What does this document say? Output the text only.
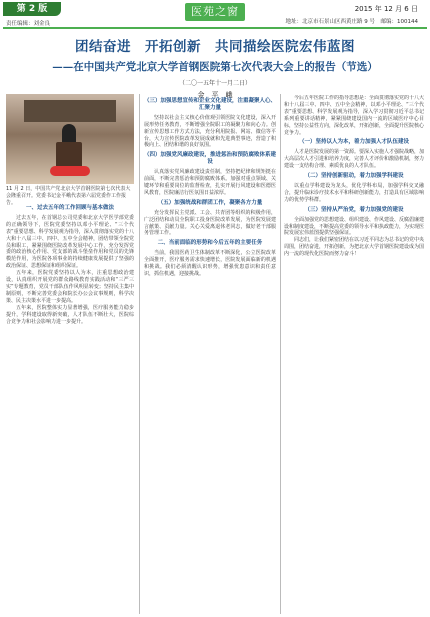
第 2 版
责任编辑：刘金良
医苑之窗	2015 年 12 月 6 日
地址：北京市石景山区西黄庄路 9 号　邮编：100144
团结奋进　开拓创新　共同描绘医院宏伟蓝图
——在中国共产党北京大学首钢医院第七次代表大会上的报告（节选）
（二〇一五年十一月二日）
金　平　峨
11 月 2 日，中国共产党北京大学首钢医院第七次代表大会隆重召开。党委书记金平峨代表第六届党委作工作报告。
一、过去五年的工作回顾与基本做法

过去五年，在首钢总公司党委和北京大学医学部党委的正确领导下，医院党委坚持以邓小平理论、“三个代表”重要思想、科学发展观为指导，深入贯彻落实党的十八大和十八届三中、四中、五中全会精神，团结带领全院党员和职工，紧紧围绕医院改革发展中心工作，充分发挥党委的政治核心作用、党支部的战斗堡垒作用和党员的先锋模范作用，为医院各项事业的持续健康发展提供了坚强的政治保证、思想保证和组织保证。

五年来，医院党委坚持以人为本，注重思想政治建设，认真组织开展党的群众路线教育实践活动和“三严三实”专题教育，党员干部队伍作风明显转变；坚持民主集中制原则，不断完善党委会和院长办公会议事规则，科学决策、民主决策水平进一步提高。

五年来，医院整体实力显著增强，医疗服务能力稳步提升，学科建设取得新突破，人才队伍不断壮大，医院综合竞争力和社会影响力进一步提升。

（三）加强思想宣传和企业文化建设，注重凝聚人心、汇聚力量

坚持以社会主义核心价值观引领医院文化建设，深入开展形势任务教育，不断增强全院职工的凝聚力和向心力。创新宣传思想工作方式方法，充分利用院报、网站、微信等平台，大力宣传医院改革发展成就和先进典型事迹，营造了积极向上、团结和谐的良好氛围。

（四）加强党风廉政建设，推进惩治和预防腐败体系建设

认真落实党风廉政建设责任制，坚持把纪律和规矩挺在前面，不断完善惩治和预防腐败体系。加强对重点领域、关键环节和重要岗位的监督检查，扎实开展行风建设和医德医风教育，医院廉洁行医氛围日益浓厚。

（五）加强统战和群团工作，凝聚各方力量

充分发挥民主党派、工会、共青团等组织的积极作用，广泛团结和动员全院职工投身医院改革发展，为医院发展建言献策、贡献力量。关心关爱离退休老同志，做好老干部服务管理工作。

二、当前面临的形势和今后五年的主要任务

当前，我国医药卫生体制改革不断深化，公立医院改革全面推开，医疗服务需求快速增长，医院发展面临新的机遇和挑战。我们必须清醒认识形势，增强忧患意识和责任意识，抓住机遇，迎接挑战。

今后五年医院工作的指导思想是：全面贯彻落实党的十八大和十八届三中、四中、五中全会精神，以邓小平理论、“三个代表”重要思想、科学发展观为指导，深入学习贯彻习近平总书记系列重要讲话精神，紧紧围绕建设国内一流的区域医疗中心目标，坚持公益性方向，深化改革，开拓创新，全面提升医院核心竞争力。

（一）坚持以人为本，着力加强人才队伍建设

人才是医院发展的第一资源。要深入实施人才强院战略，加大高层次人才引进和培养力度，完善人才评价和激励机制，努力建设一支结构合理、素质优良的人才队伍。

（二）坚持创新驱动，着力加强学科建设

以重点学科建设为龙头，优化学科布局，加强学科交叉融合，提升临床诊疗技术水平和科研创新能力，打造具有区域影响力的优势学科群。

（三）坚持从严治党，着力加强党的建设

全面加强党的思想建设、组织建设、作风建设、反腐倡廉建设和制度建设，不断提高党委的领导水平和执政能力，为实现医院发展宏伟蓝图提供坚强保证。

同志们，让我们紧密团结在以习近平同志为总书记的党中央周围，团结奋进，开拓创新，为把北京大学首钢医院建设成为国内一流的现代化医院而努力奋斗！
